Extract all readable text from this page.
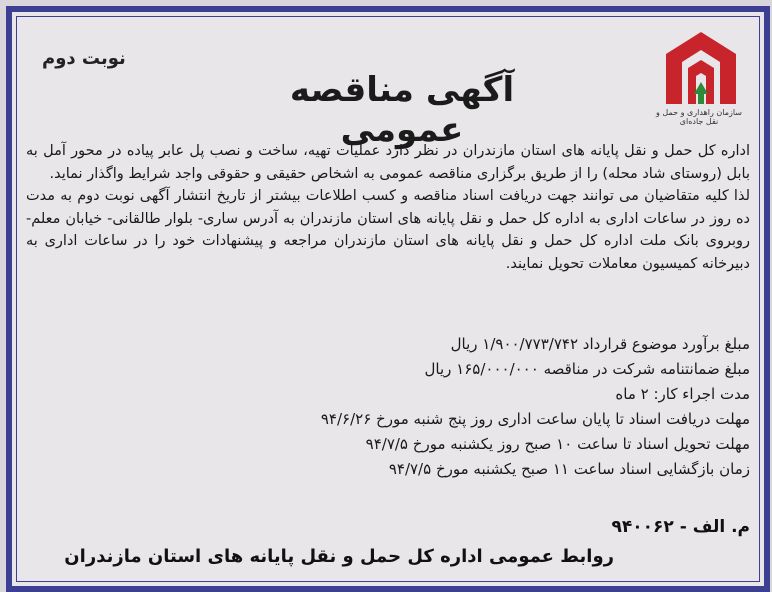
سازمان راهداری و حمل و نقل جاده‌ای
نوبت دوم
آگهی مناقصه عمومی

اداره کل حمل و نقل پایانه های استان مازندران در نظر دارد عملیات تهیه، ساخت و نصب پل عابر پیاده در محور آمل به بابل (روستای شاد محله) را از طریق برگزاری مناقصه عمومی به اشخاص حقیقی و حقوقی واجد شرایط واگذار نماید.

لذا کلیه متقاضیان می توانند جهت دریافت اسناد مناقصه و کسب اطلاعات بیشتر از تاریخ انتشار آگهی نوبت دوم به مدت ده روز در ساعات اداری به اداره کل حمل و نقل پایانه های استان مازندران به آدرس ساری- بلوار طالقانی- خیابان معلم- روبروی بانک ملت اداره کل حمل و نقل پایانه های استان مازندران مراجعه و پیشنهادات خود را در ساعات اداری به دبیرخانه کمیسیون معاملات تحویل نمایند.

مبلغ برآورد موضوع قرارداد ۱/۹۰۰/۷۷۳/۷۴۲ ریال
مبلغ ضمانتنامه شرکت در مناقصه ۱۶۵/۰۰۰/۰۰۰ ریال
مدت اجراء کار: ۲ ماه
مهلت دریافت اسناد تا پایان ساعت اداری روز پنج شنبه مورخ ۹۴/۶/۲۶
مهلت تحویل اسناد تا ساعت ۱۰ صبح روز یکشنبه مورخ ۹۴/۷/۵
زمان بازگشایی اسناد ساعت ۱۱ صبح یکشنبه مورخ ۹۴/۷/۵
م. الف - ۹۴۰۰۶۲
روابط عمومی اداره کل حمل و نقل پایانه های استان مازندران
